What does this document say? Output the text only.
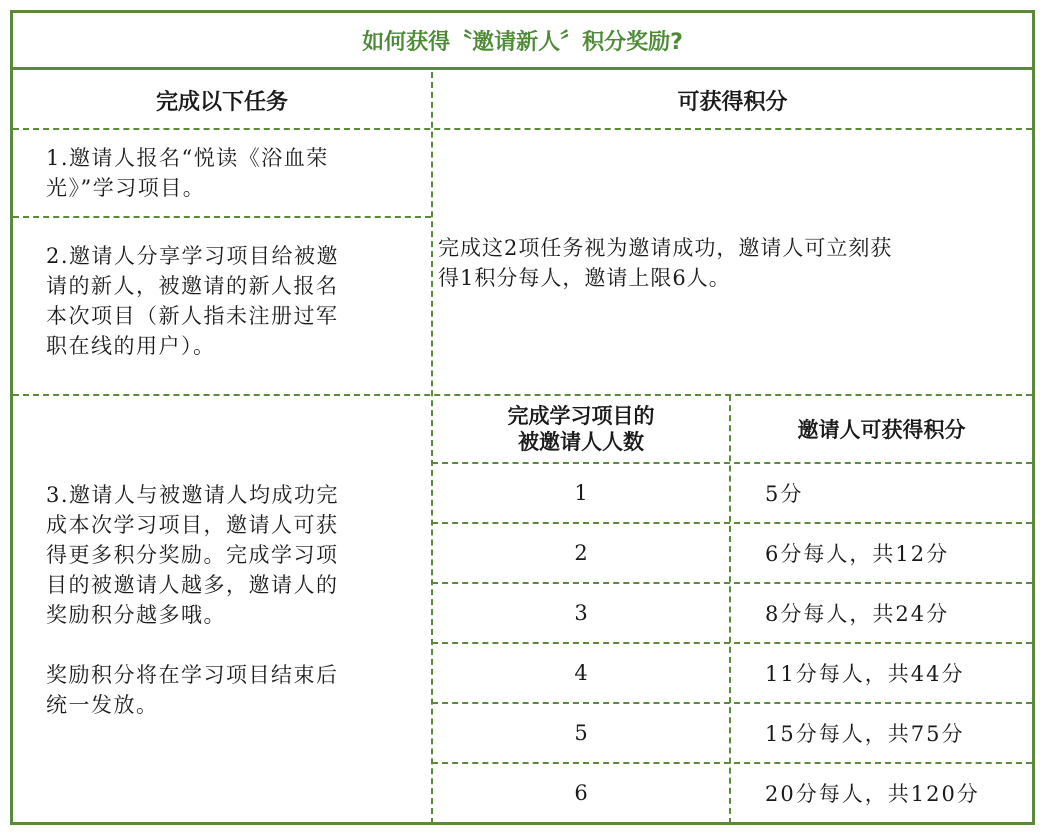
如何获得〝邀请新人〞积分奖励?
完成以下任务	可获得积分
1.邀请人报名“悦读《浴血荣
光》”学习项目。
2.邀请人分享学习项目给被邀
请的新人，被邀请的新人报名
本次项目（新人指未注册过军
职在线的用户）。
完成这2项任务视为邀请成功，邀请人可立刻获
得1积分每人，邀请上限6人。
3.邀请人与被邀请人均成功完
成本次学习项目，邀请人可获
得更多积分奖励。完成学习项
目的被邀请人越多，邀请人的
奖励积分越多哦。
奖励积分将在学习项目结束后
统一发放。
完成学习项目的
被邀请人人数	邀请人可获得积分
1	5分
2	6分每人，共12分
3	8分每人，共24分
4	11分每人，共44分
5	15分每人，共75分
6	20分每人，共120分
